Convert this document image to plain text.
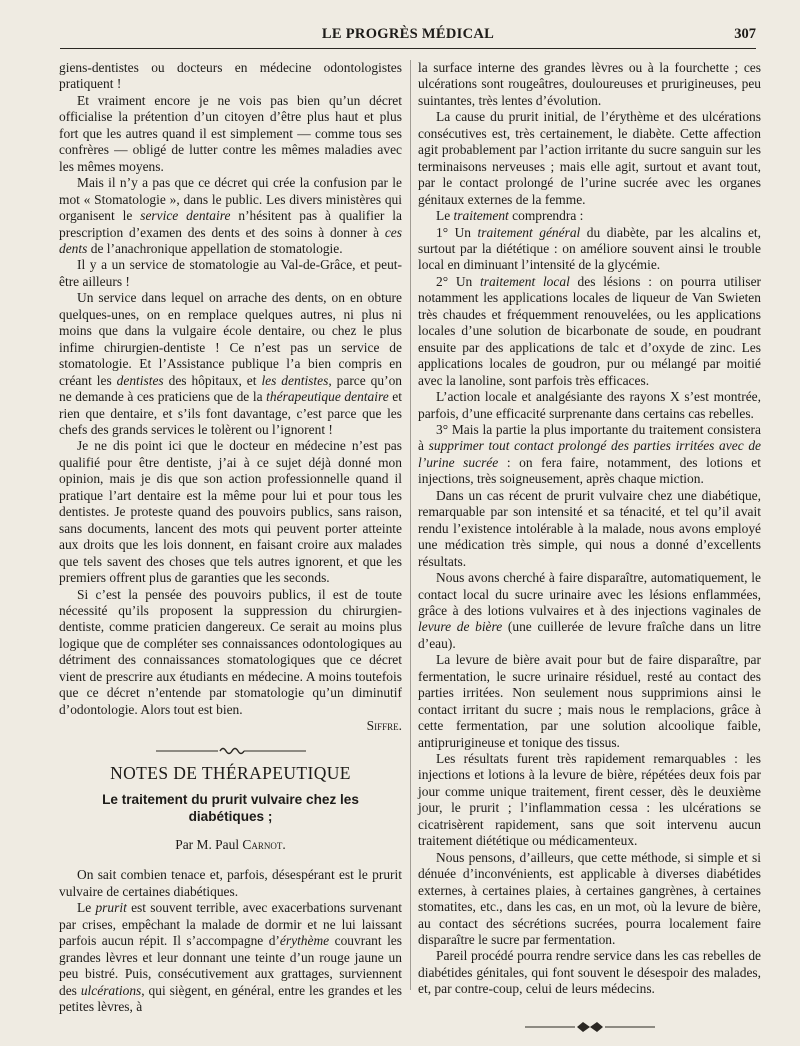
LE PROGRÈS MÉDICAL	307

giens-dentistes ou docteurs en médecine odontologistes pratiquent !

Et vraiment encore je ne vois pas bien qu’un décret officialise la prétention d’un citoyen d’être plus haut et plus fort que les autres quand il est simplement — comme tous ses confrères — obligé de lutter contre les mêmes maladies avec les mêmes moyens.

Mais il n’y a pas que ce décret qui crée la confusion par le mot « Stomatologie », dans le public. Les divers ministères qui organisent le service dentaire n’hésitent pas à qualifier la prescription d’examen des dents et des soins à donner à ces dents de l’anachronique appellation de stomatologie.

Il y a un service de stomatologie au Val-de-Grâce, et peut-être ailleurs !

Un service dans lequel on arrache des dents, on en obture quelques-unes, on en remplace quelques autres, ni plus ni moins que dans la vulgaire école dentaire, ou chez le plus infime chirurgien-dentiste ! Ce n’est pas un service de stomatologie. Et l’Assistance publique l’a bien compris en créant les dentistes des hôpitaux, et les dentistes, parce qu’on ne demande à ces praticiens que de la thérapeutique dentaire et rien que dentaire, et s’ils font davantage, c’est parce que les chefs des grands services le tolèrent ou l’ignorent !

Je ne dis point ici que le docteur en médecine n’est pas qualifié pour être dentiste, j’ai à ce sujet déjà donné mon opinion, mais je dis que son action professionnelle quand il pratique l’art dentaire est la même pour lui et pour tous les dentistes. Je proteste quand des pouvoirs publics, sans raison, sans documents, lancent des mots qui peuvent porter atteinte aux droits que les lois donnent, en faisant croire aux malades que tels savent des choses que tels autres ignorent, et que les premiers offrent plus de garanties que les seconds.

Si c’est la pensée des pouvoirs publics, il est de toute nécessité qu’ils proposent la suppression du chirurgien-dentiste, comme praticien dangereux. Ce serait au moins plus logique que de compléter ses connaissances odontologiques au détriment des connaissances stomatologiques que ce décret vient de prescrire aux étudiants en médecine. A moins toutefois que ce décret n’entende par stomatologie qu’un diminutif d’odontologie. Alors tout est bien.

Siffre.
NOTES DE THÉRAPEUTIQUE
Le traitement du prurit vulvaire chez les diabétiques ;
Par M. Paul Carnot.

On sait combien tenace et, parfois, désespérant est le prurit vulvaire de certaines diabétiques.

Le prurit est souvent terrible, avec exacerbations survenant par crises, empêchant la malade de dormir et ne lui laissant parfois aucun répit. Il s’accompagne d’érythème couvrant les grandes lèvres et leur donnant une teinte d’un rouge jaune un peu bistré. Puis, consécutivement aux grattages, surviennent des ulcérations, qui siègent, en général, entre les grandes et les petites lèvres, à

la surface interne des grandes lèvres ou à la fourchette ; ces ulcérations sont rougeâtres, douloureuses et prurigineuses, peu suintantes, très lentes d’évolution.

La cause du prurit initial, de l’érythème et des ulcérations consécutives est, très certainement, le diabète. Cette affection agit probablement par l’action irritante du sucre sanguin sur les terminaisons nerveuses ; mais elle agit, surtout et avant tout, par le contact prolongé de l’urine sucrée avec les organes génitaux externes de la femme.

Le traitement comprendra :

1° Un traitement général du diabète, par les alcalins et, surtout par la diététique : on améliore souvent ainsi le trouble local en diminuant l’intensité de la glycémie.

2° Un traitement local des lésions : on pourra utiliser notamment les applications locales de liqueur de Van Swieten très chaudes et fréquemment renouvelées, ou les applications locales d’une solution de bicarbonate de soude, en poudrant ensuite par des applications de talc et d’oxyde de zinc. Les applications locales de goudron, pur ou mélangé par moitié avec la lanoline, sont parfois très efficaces.

L’action locale et analgésiante des rayons X s’est montrée, parfois, d’une efficacité surprenante dans certains cas rebelles.

3° Mais la partie la plus importante du traitement consistera à supprimer tout contact prolongé des parties irritées avec de l’urine sucrée : on fera faire, notamment, des lotions et injections, très soigneusement, après chaque miction.

Dans un cas récent de prurit vulvaire chez une diabétique, remarquable par son intensité et sa ténacité, et tel qu’il avait rendu l’existence intolérable à la malade, nous avons employé une médication très simple, qui nous a donné d’excellents résultats.

Nous avons cherché à faire disparaître, automatiquement, le contact local du sucre urinaire avec les lésions enflammées, grâce à des lotions vulvaires et à des injections vaginales de levure de bière (une cuillerée de levure fraîche dans un litre d’eau).

La levure de bière avait pour but de faire disparaître, par fermentation, le sucre urinaire résiduel, resté au contact des parties irritées. Non seulement nous supprimions ainsi le contact irritant du sucre ; mais nous le remplacions, grâce à cette fermentation, par une solution alcoolique faible, antiprurigineuse et tonique des tissus.

Les résultats furent très rapidement remarquables : les injections et lotions à la levure de bière, répétées deux fois par jour comme unique traitement, firent cesser, dès le deuxième jour, le prurit ; l’inflammation cessa : les ulcérations se cicatrisèrent rapidement, sans que soit intervenu aucun traitement diététique ou médicamenteux.

Nous pensons, d’ailleurs, que cette méthode, si simple et si dénuée d’inconvénients, est applicable à diverses diabétides externes, à certaines plaies, à certaines gangrènes, à certaines stomatites, etc., dans les cas, en un mot, où la levure de bière, au contact des sécrétions sucrées, pourra localement faire disparaître le sucre par fermentation.

Pareil procédé pourra rendre service dans les cas rebelles de diabétides génitales, qui font souvent le désespoir des malades, et, par contre-coup, celui de leurs médecins.
